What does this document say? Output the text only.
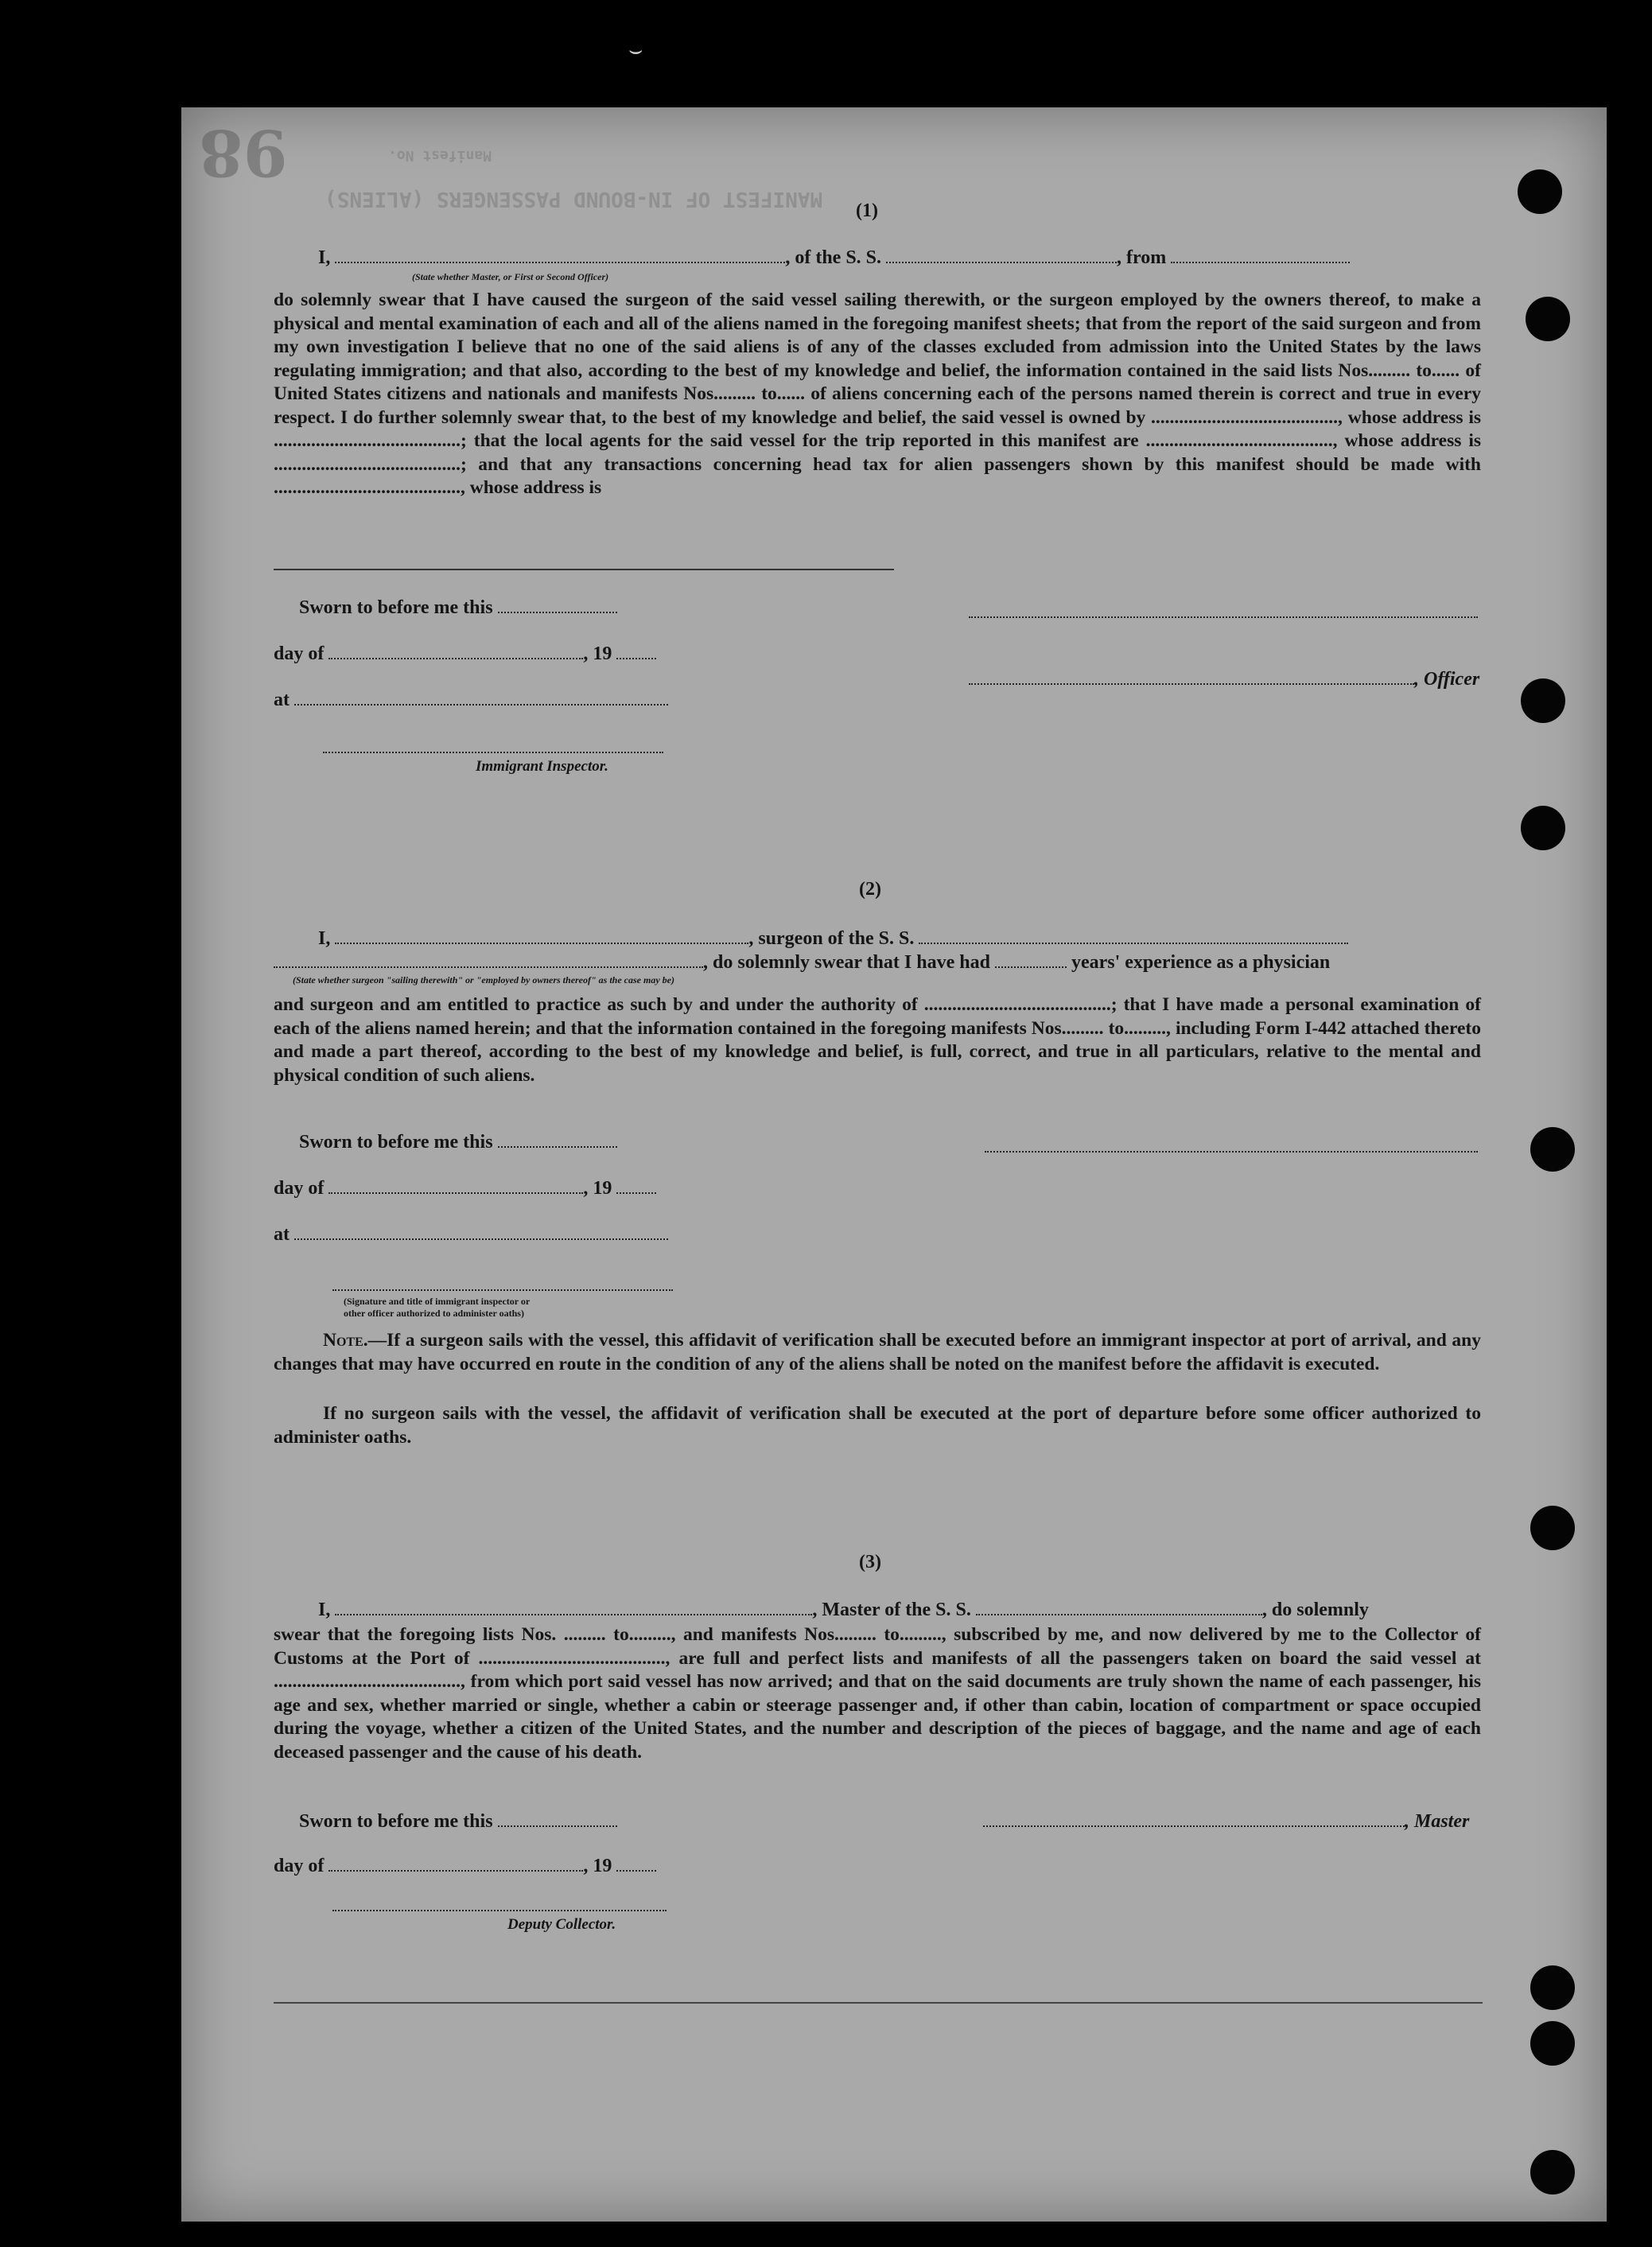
⌣
98
MANIFEST OF IN-BOUND PASSENGERS (ALIENS)
Manifest No.
(1)
I,	, of the S. S.	, from
(State whether Master, or First or Second Officer)

do solemnly swear that I have caused the surgeon of the said vessel sailing therewith, or the surgeon employed by the owners thereof, to make a physical and mental examination of each and all of the aliens named in the foregoing manifest sheets; that from the report of the said surgeon and from my own investigation I believe that no one of the said aliens is of any of the classes excluded from admission into the United States by the laws regulating immigration; and that also, according to the best of my knowledge and belief, the information contained in the said lists Nos......... to...... of United States citizens and nationals and manifests Nos......... to...... of aliens concerning each of the persons named therein is correct and true in every respect. I do further solemnly swear that, to the best of my knowledge and belief, the said vessel is owned by ........................................, whose address is ........................................; that the local agents for the said vessel for the trip reported in this manifest are ........................................, whose address is ........................................; and that any transactions concerning head tax for alien passengers shown by this manifest should be made with ........................................, whose address is

Sworn to before me this
day of	, 19
, Officer
at
Immigrant Inspector.
(2)
I,	, surgeon of the S. S.
, do solemnly swear that I have had	years' experience as a physician
(State whether surgeon "sailing therewith" or "employed by owners thereof" as the case may be)

and surgeon and am entitled to practice as such by and under the authority of ........................................; that I have made a personal examination of each of the aliens named herein; and that the information contained in the foregoing manifests Nos......... to........., including Form I-442 attached thereto and made a part thereof, according to the best of my knowledge and belief, is full, correct, and true in all particulars, relative to the mental and physical condition of such aliens.

Sworn to before me this
day of	, 19
at
(Signature and title of immigrant inspector or
other officer authorized to administer oaths)

Note.—If a surgeon sails with the vessel, this affidavit of verification shall be executed before an immigrant inspector at port of arrival, and any changes that may have occurred en route in the condition of any of the aliens shall be noted on the manifest before the affidavit is executed.

If no surgeon sails with the vessel, the affidavit of verification shall be executed at the port of departure before some officer authorized to administer oaths.

(3)
I,	, Master of the S. S.	, do solemnly

swear that the foregoing lists Nos. ......... to........., and manifests Nos......... to........., subscribed by me, and now delivered by me to the Collector of Customs at the Port of ........................................, are full and perfect lists and manifests of all the passengers taken on board the said vessel at ........................................, from which port said vessel has now arrived; and that on the said documents are truly shown the name of each passenger, his age and sex, whether married or single, whether a cabin or steerage passenger and, if other than cabin, location of compartment or space occupied during the voyage, whether a citizen of the United States, and the number and description of the pieces of baggage, and the name and age of each deceased passenger and the cause of his death.

Sworn to before me this	, Master
day of	, 19
Deputy Collector.
